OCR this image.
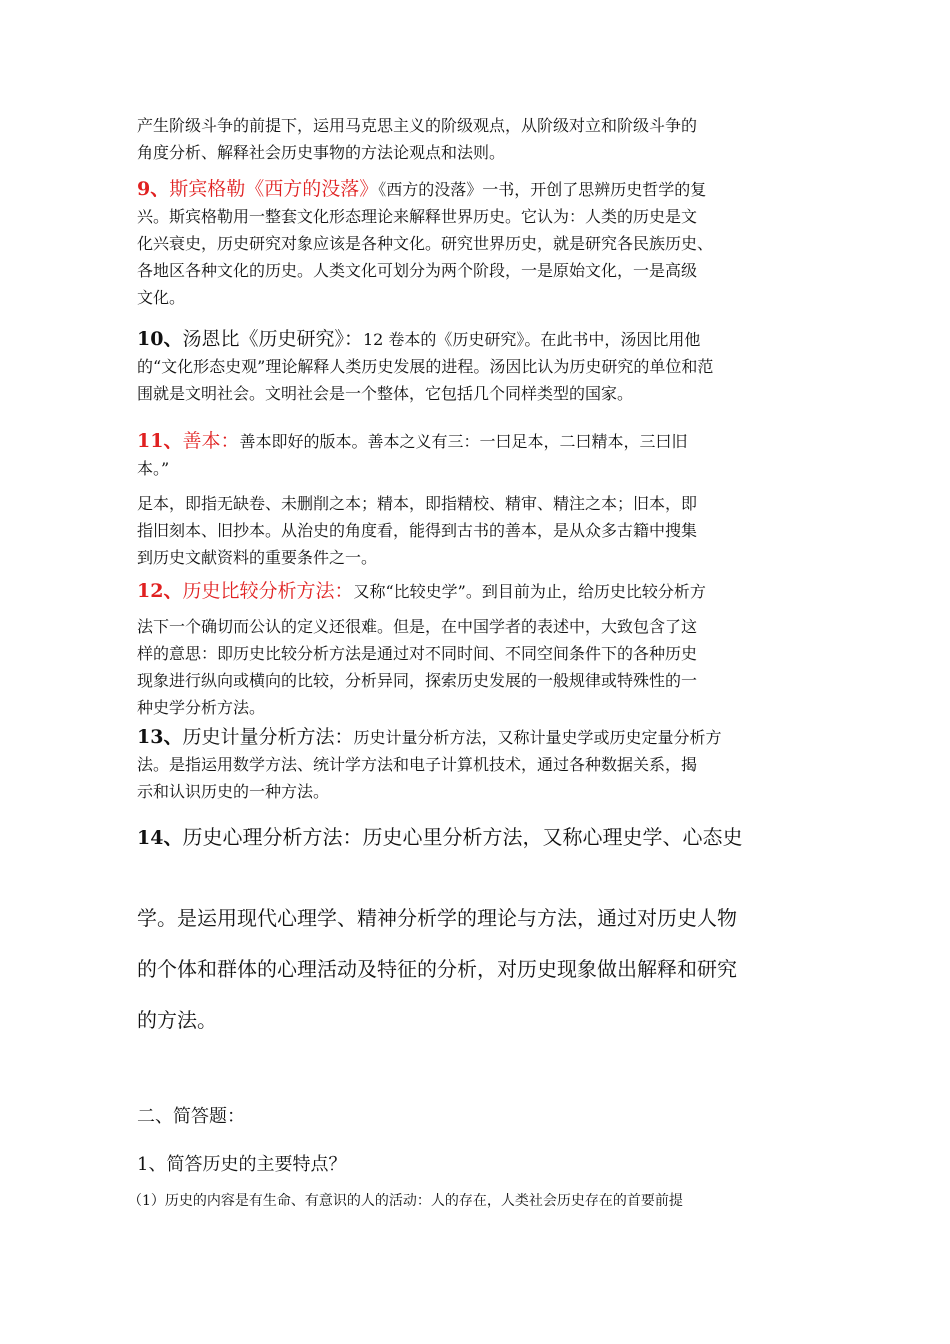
产生阶级斗争的前提下，运用马克思主义的阶级观点，从阶级对立和阶级斗争的
角度分析、解释社会历史事物的方法论观点和法则。

9、斯宾格勒《西方的没落》《西方的没落》一书，开创了思辨历史哲学的复
兴。斯宾格勒用一整套文化形态理论来解释世界历史。它认为：人类的历史是文
化兴衰史，历史研究对象应该是各种文化。研究世界历史，就是研究各民族历史、
各地区各种文化的历史。人类文化可划分为两个阶段，一是原始文化，一是高级
文化。

10、汤恩比《历史研究》：12 卷本的《历史研究》。在此书中，汤因比用他
的“文化形态史观”理论解释人类历史发展的进程。汤因比认为历史研究的单位和范
围就是文明社会。文明社会是一个整体，它包括几个同样类型的国家。

11、善本：善本即好的版本。善本之义有三：一曰足本，二曰精本，三曰旧
本。”

足本，即指无缺卷、未删削之本；精本，即指精校、精审、精注之本；旧本，即
指旧刻本、旧抄本。从治史的角度看，能得到古书的善本，是从众多古籍中搜集
到历史文献资料的重要条件之一。

12、历史比较分析方法：又称“比较史学”。到目前为止，给历史比较分析方

法下一个确切而公认的定义还很难。但是，在中国学者的表述中，大致包含了这
样的意思：即历史比较分析方法是通过对不同时间、不同空间条件下的各种历史
现象进行纵向或横向的比较，分析异同，探索历史发展的一般规律或特殊性的一
种史学分析方法。

13、历史计量分析方法：历史计量分析方法，又称计量史学或历史定量分析方
法。是指运用数学方法、统计学方法和电子计算机技术，通过各种数据关系，揭
示和认识历史的一种方法。

14、历史心理分析方法：历史心里分析方法，又称心理史学、心态史
学。是运用现代心理学、精神分析学的理论与方法，通过对历史人物
的个体和群体的心理活动及特征的分析，对历史现象做出解释和研究
的方法。
二、简答题：
1、简答历史的主要特点？
（1）历史的内容是有生命、有意识的人的活动：人的存在，人类社会历史存在的首要前提
